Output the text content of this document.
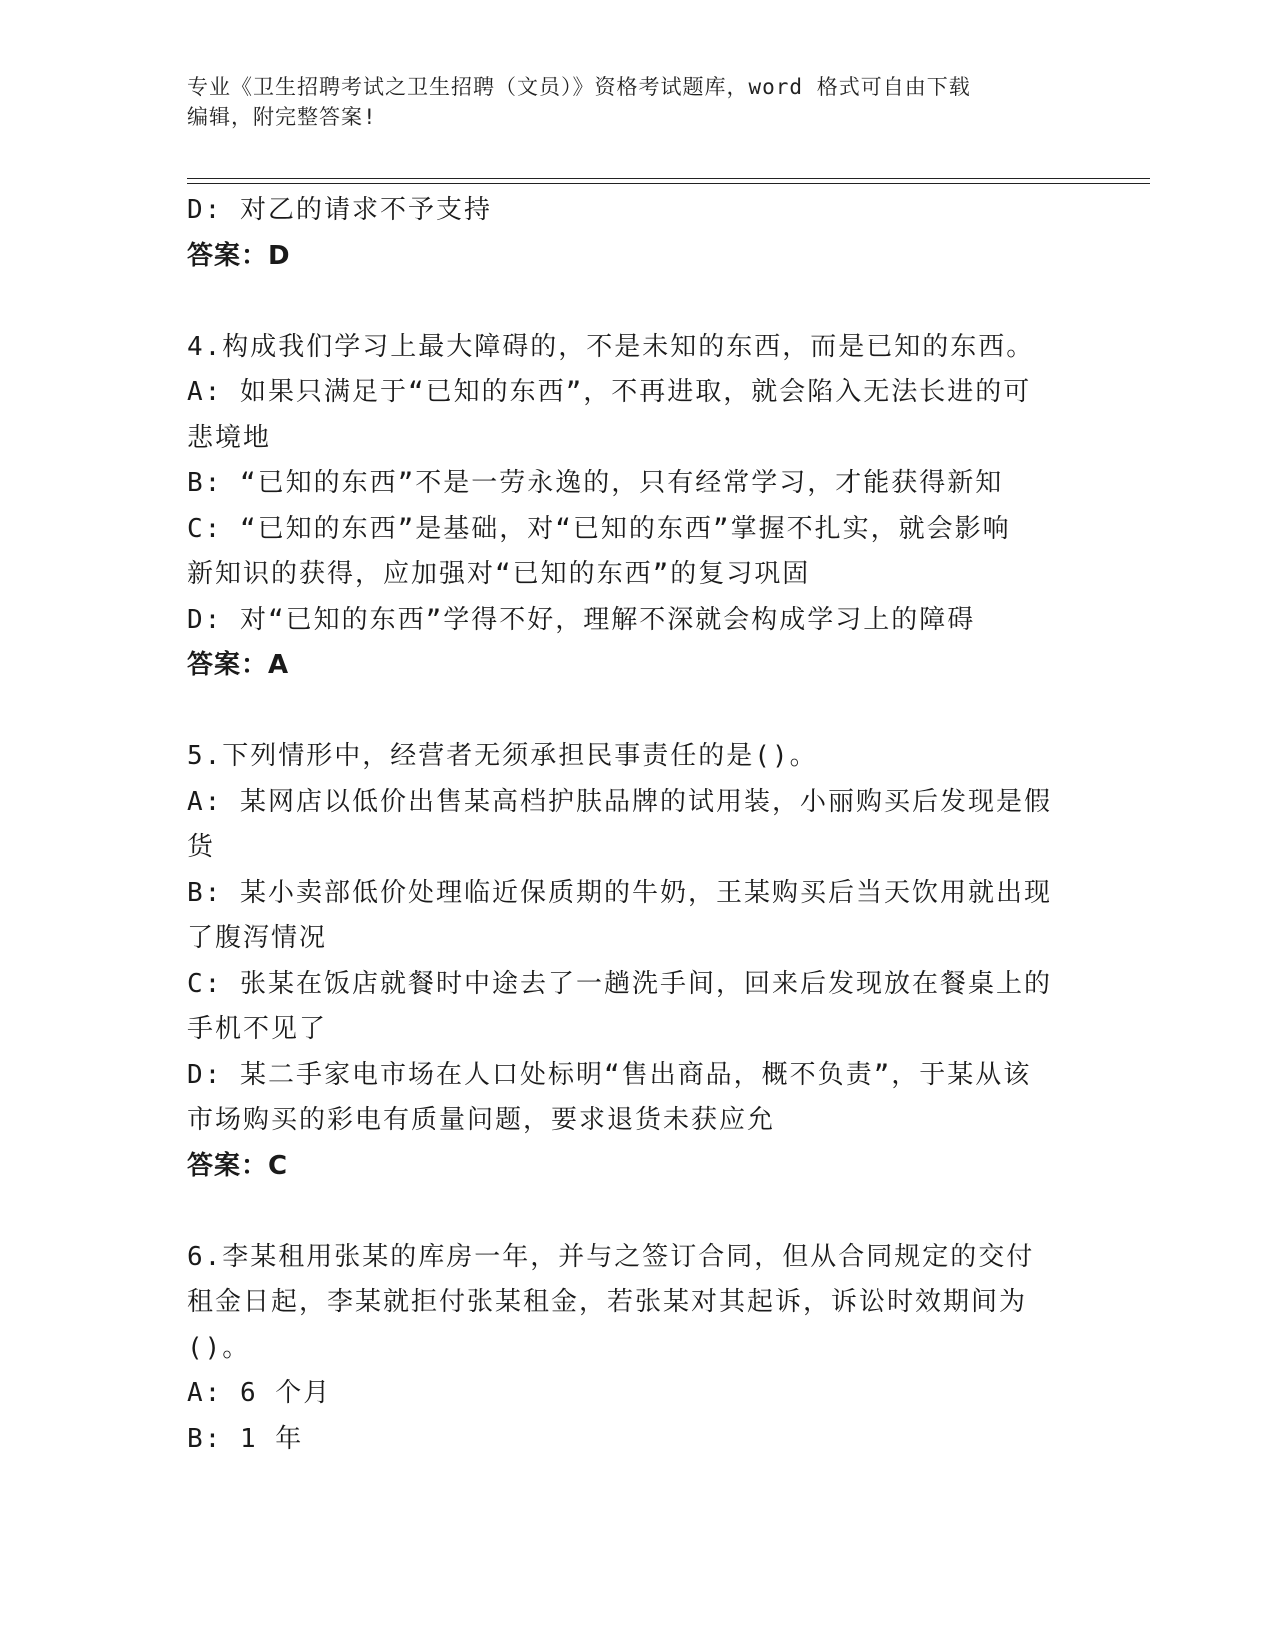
专业《卫生招聘考试之卫生招聘（文员）》资格考试题库，word 格式可自由下载
编辑，附完整答案!
D: 对乙的请求不予支持
答案：D
4.构成我们学习上最大障碍的，不是未知的东西，而是已知的东西。
A: 如果只满足于“已知的东西”，不再进取，就会陷入无法长进的可
悲境地
B: “已知的东西”不是一劳永逸的，只有经常学习，才能获得新知
C: “已知的东西”是基础，对“已知的东西”掌握不扎实，就会影响
新知识的获得，应加强对“已知的东西”的复习巩固
D: 对“已知的东西”学得不好，理解不深就会构成学习上的障碍
答案：A
5.下列情形中，经营者无须承担民事责任的是()。
A: 某网店以低价出售某高档护肤品牌的试用装，小丽购买后发现是假
货
B: 某小卖部低价处理临近保质期的牛奶，王某购买后当天饮用就出现
了腹泻情况
C: 张某在饭店就餐时中途去了一趟洗手间，回来后发现放在餐桌上的
手机不见了
D: 某二手家电市场在人口处标明“售出商品，概不负责”，于某从该
市场购买的彩电有质量问题，要求退货未获应允
答案：C
6.李某租用张某的库房一年，并与之签订合同，但从合同规定的交付
租金日起，李某就拒付张某租金，若张某对其起诉，诉讼时效期间为
()。
A: 6 个月
B: 1 年
